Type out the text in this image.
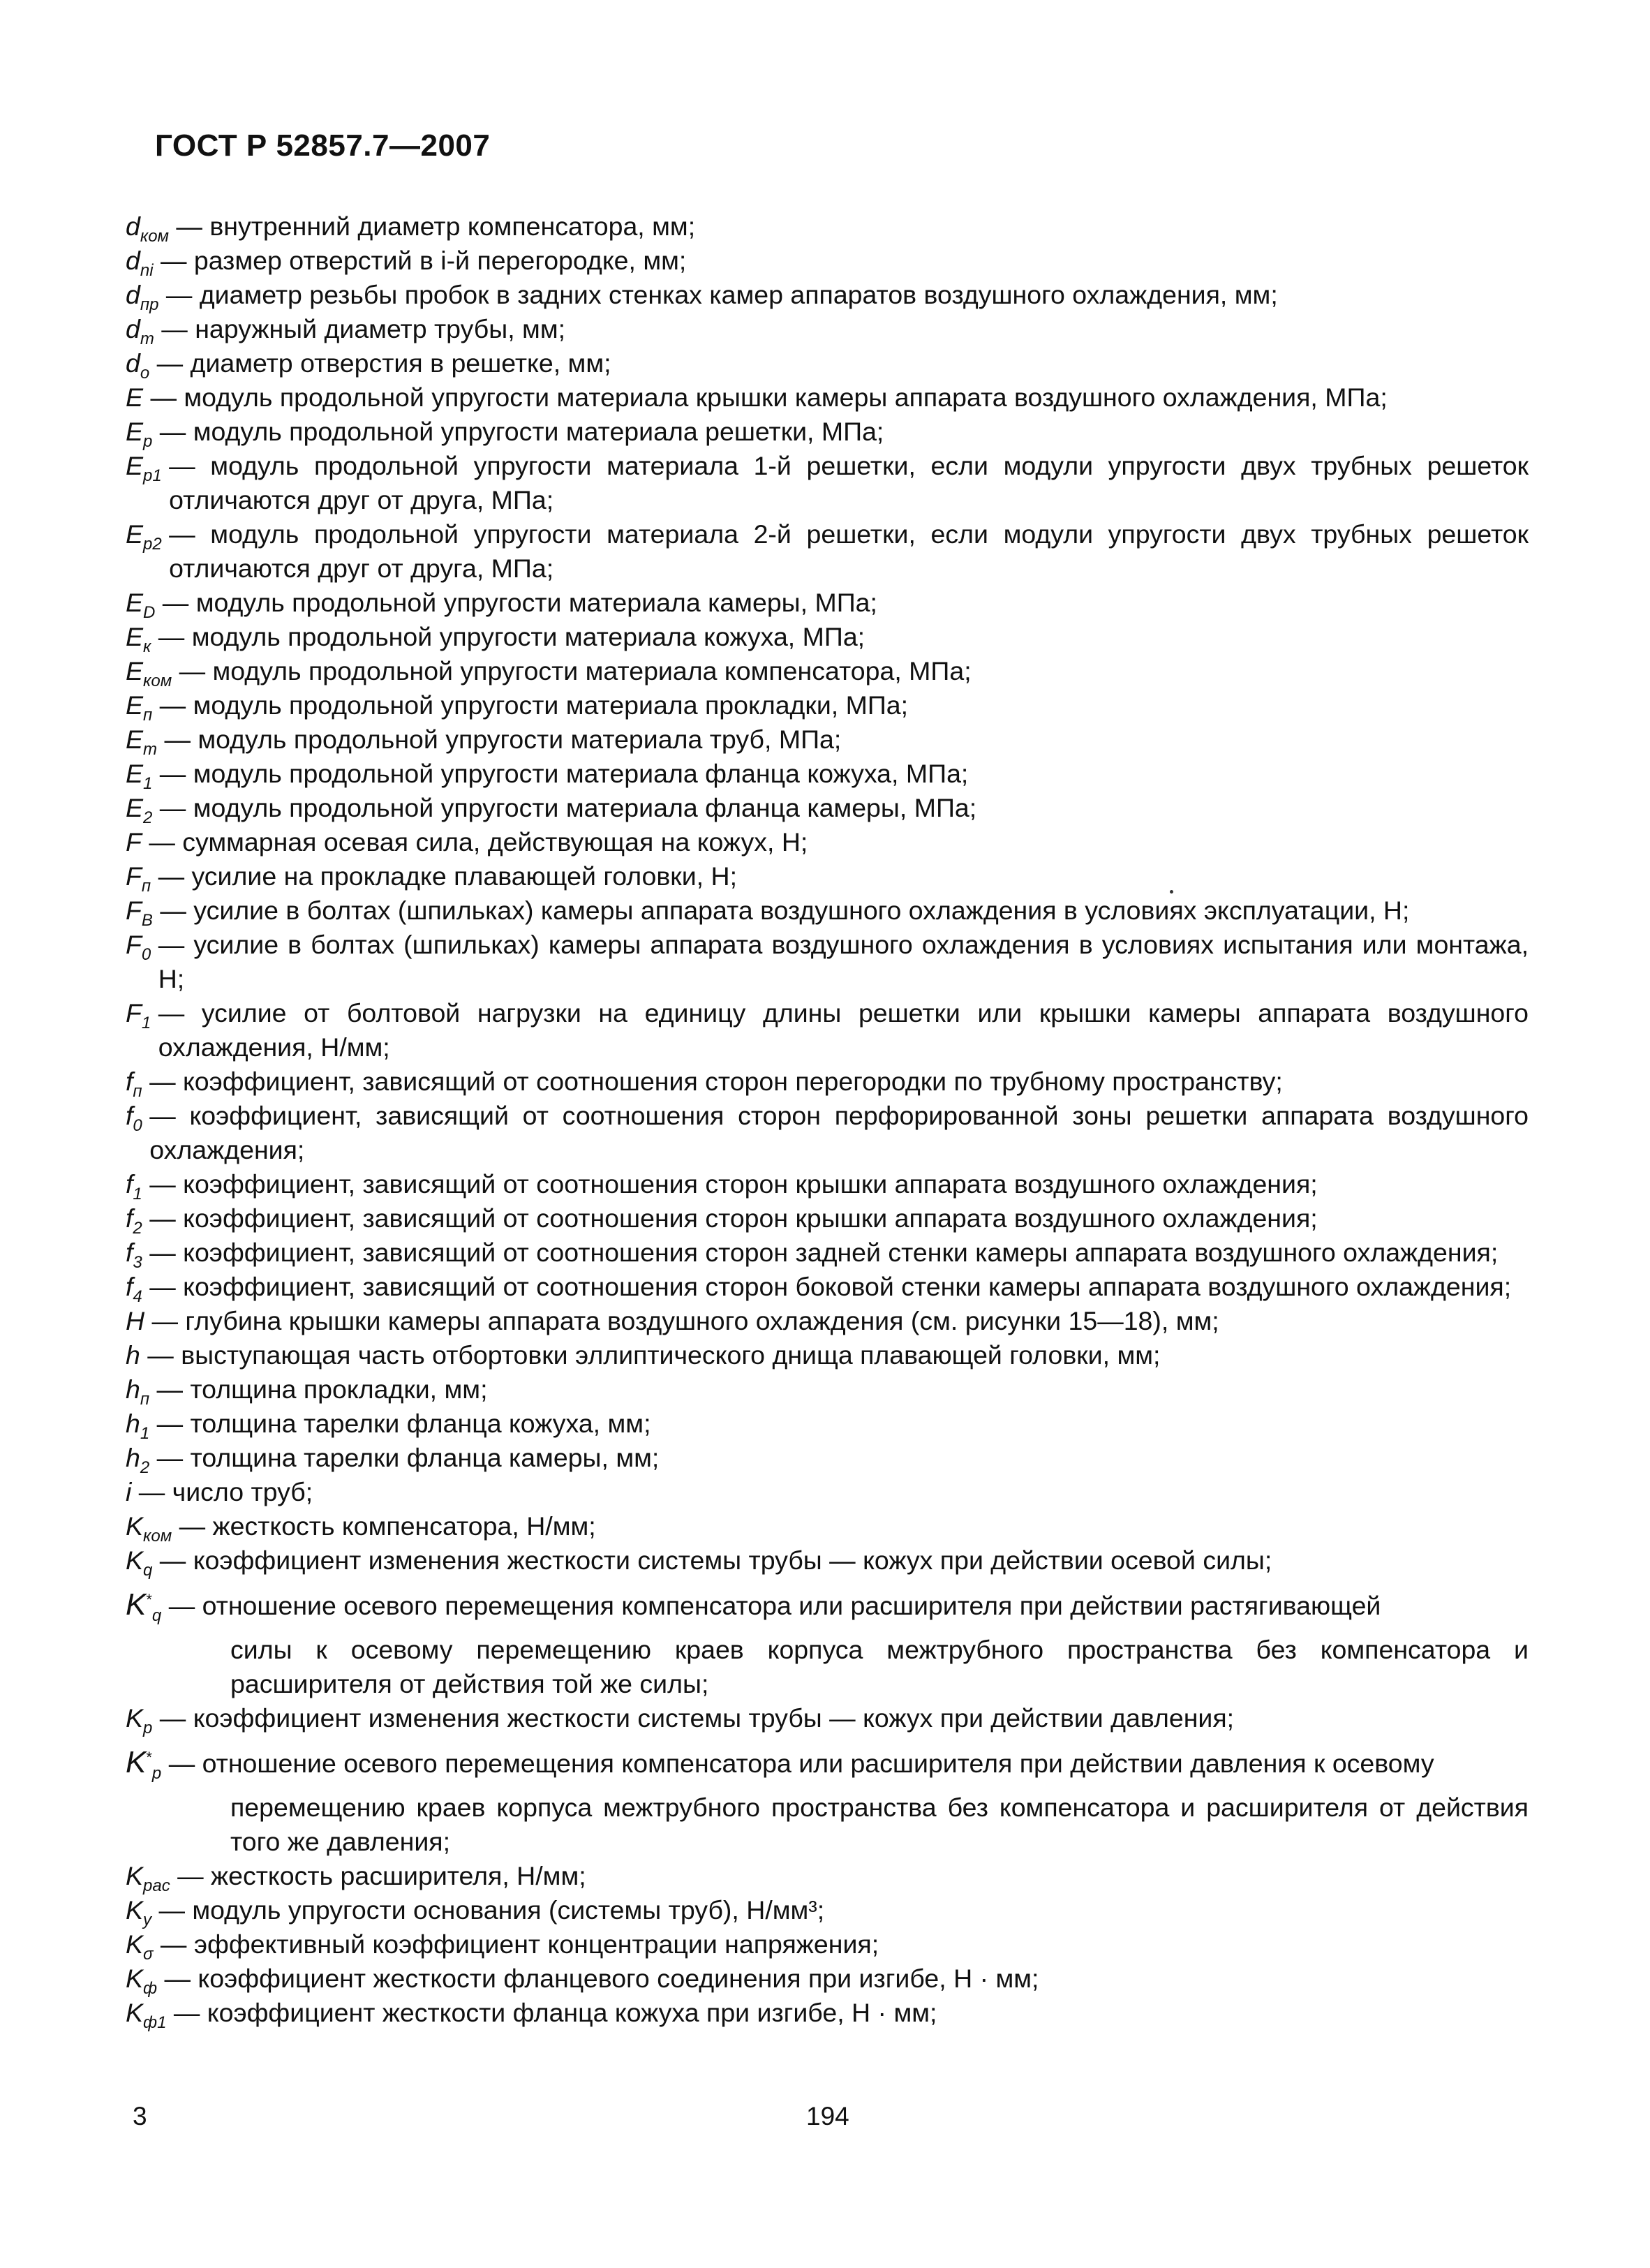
ГОСТ Р 52857.7—2007
$d_{ком}$
— внутренний диаметр компенсатора, мм;
$d_{ni}$
— размер отверстий в i-й перегородке, мм;
$d_{пр}$
— диаметр резьбы пробок в задних стенках камер аппаратов воздушного охлаждения, мм;
$d_т$
— наружный диаметр трубы, мм;
$d_о$
— диаметр отверстия в решетке, мм;
E
— модуль продольной упругости материала крышки камеры аппарата воздушного охлаждения, МПа;
$E_р$
— модуль продольной упругости материала решетки, МПа;
$E_{р1}$
— модуль продольной упругости материала 1-й решетки, если модули упругости двух трубных решеток отличаются друг от друга, МПа;
$E_{р2}$
— модуль продольной упругости материала 2-й решетки, если модули упругости двух трубных решеток отличаются друг от друга, МПа;
$E_D$
— модуль продольной упругости материала камеры, МПа;
$E_к$
— модуль продольной упругости материала кожуха, МПа;
$E_{ком}$
— модуль продольной упругости материала компенсатора, МПа;
$E_п$
— модуль продольной упругости материала прокладки, МПа;
$E_т$
— модуль продольной упругости материала труб, МПа;
$E_1$
— модуль продольной упругости материала фланца кожуха, МПа;
$E_2$
— модуль продольной упругости материала фланца камеры, МПа;
F
— суммарная осевая сила, действующая на кожух, Н;
$F_п$
— усилие на прокладке плавающей головки, Н;
$F_B$
— усилие в болтах (шпильках) камеры аппарата воздушного охлаждения в условиях эксплуатации, Н;
$F_0$
— усилие в болтах (шпильках) камеры аппарата воздушного охлаждения в условиях испытания или монтажа, Н;
$F_1$
— усилие от болтовой нагрузки на единицу длины решетки или крышки камеры аппарата воздушного охлаждения, Н/мм;
$f_п$
— коэффициент, зависящий от соотношения сторон перегородки по трубному пространству;
$f_0$
— коэффициент, зависящий от соотношения сторон перфорированной зоны решетки аппарата воздушного охлаждения;
$f_1$
— коэффициент, зависящий от соотношения сторон крышки аппарата воздушного охлаждения;
$f_2$
— коэффициент, зависящий от соотношения сторон крышки аппарата воздушного охлаждения;
$f_3$
— коэффициент, зависящий от соотношения сторон задней стенки камеры аппарата воздушного охлаждения;
$f_4$
— коэффициент, зависящий от соотношения сторон боковой стенки камеры аппарата воздушного охлаждения;
H
— глубина крышки камеры аппарата воздушного охлаждения (см. рисунки 15—18), мм;
h
— выступающая часть отбортовки эллиптического днища плавающей головки, мм;
$h_п$
— толщина прокладки, мм;
$h_1$
— толщина тарелки фланца кожуха, мм;
$h_2$
— толщина тарелки фланца камеры, мм;
i
— число труб;
$K_{ком}$
— жесткость компенсатора, Н/мм;
$K_q$
— коэффициент изменения жесткости системы трубы — кожух при действии осевой силы;
$K^*_q$
— отношение осевого перемещения компенсатора или расширителя при действии растягивающей
силы к осевому перемещению краев корпуса межтрубного пространства без компенсатора и расширителя от действия той же силы;
$K_p$
— коэффициент изменения жесткости системы трубы — кожух при действии давления;
$K^*_p$
— отношение осевого перемещения компенсатора или расширителя при действии давления к осевому
перемещению краев корпуса межтрубного пространства без компенсатора и расширителя от действия того же давления;
$K_{рас}$
— жесткость расширителя, Н/мм;
$K_у$
— модуль упругости основания (системы труб), Н/мм³;
$K_\sigma$
— эффективный коэффициент концентрации напряжения;
$K_ф$
— коэффициент жесткости фланцевого соединения при изгибе, Н · мм;
$K_{ф1}$
— коэффициент жесткости фланца кожуха при изгибе, Н · мм;
3	194
